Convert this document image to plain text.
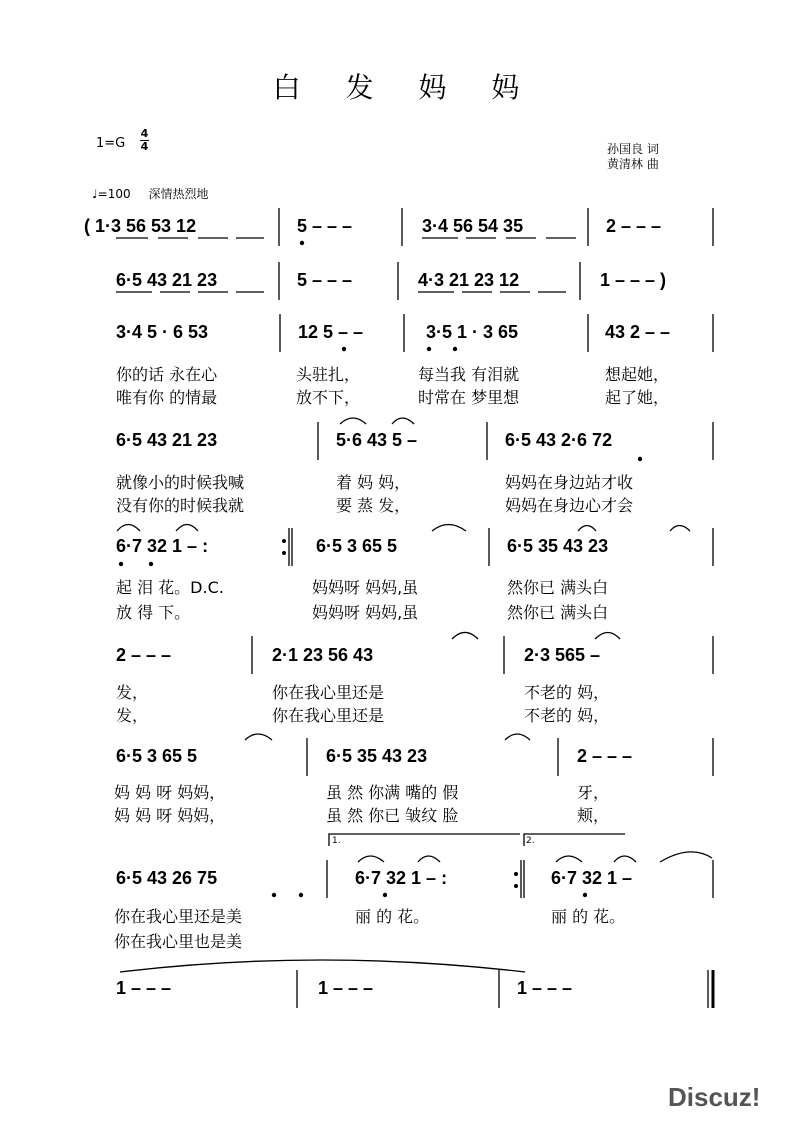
白 发 妈 妈
1=G
4
4	孙国良 词
黄清林 曲
♩=100 深情热烈地
( 1·3 56 53 12	5 – – –	3·4 56 54 35	2 – – –
6·5 43 21 23	5 – – –	4·3 21 23 12	1 – – – )
3·4 5 · 6 53	12 5 – –	3·5 1 · 3 65	43 2 – –
你的话 永在心	头驻扎，	每当我 有泪就	想起她，
唯有你 的情最	放不下，	时常在 梦里想	起了她，
6·5 43 21 23	5·6 43 5 –	6·5 43 2·6 72
就像小的时候我喊	着 妈 妈，	妈妈在身边站才收
没有你的时候我就	要 蒸 发，	妈妈在身边心才会
6·7 32 1 – :	6·5 3 65 5	6·5 35 43 23
起 泪 花。D.C.	妈妈呀 妈妈,虽	然你已 满头白
放 得 下。	妈妈呀 妈妈,虽	然你已 满头白
2 – – –	2·1 23 56 43	2·3 565 –
发，	你在我心里还是	不老的 妈，
发，	你在我心里还是	不老的 妈，
6·5 3 65 5	6·5 35 43 23	2 – – –
妈 妈 呀 妈妈，	虽 然 你满 嘴的 假	牙，
妈 妈 呀 妈妈，	虽 然 你已 皱纹 脸	颊，
1.	2.
6·5 43 26 75	6·7 32 1 – :	6·7 32 1 –
你在我心里还是美	丽 的 花。	丽 的 花。
你在我心里也是美
1 – – –	1 – – –	1 – – –
Discuz!
